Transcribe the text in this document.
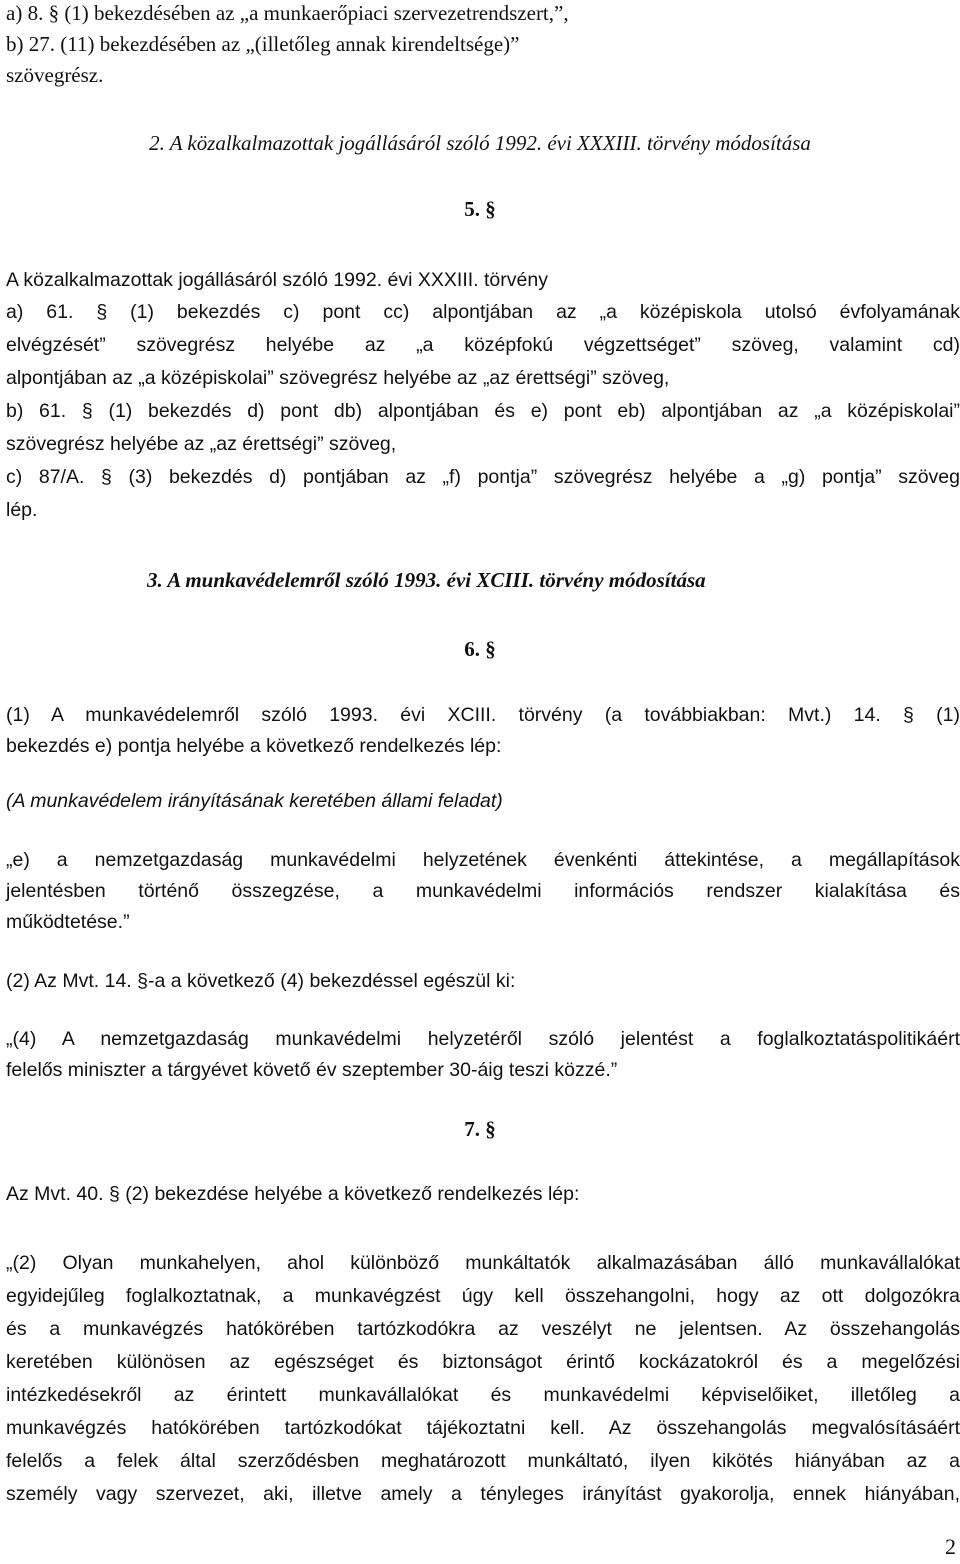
a) 8. § (1) bekezdésében az „a munkaerőpiaci szervezetrendszert,”,
b) 27. (11) bekezdésében az „(illetőleg annak kirendeltsége)”
szövegrész.

2. A közalkalmazottak jogállásáról szóló 1992. évi XXXIII. törvény módosítása

5. §

A közalkalmazottak jogállásáról szóló 1992. évi XXXIII. törvény
a) 61. § (1) bekezdés c) pont cc) alpontjában az „a középiskola utolsó évfolyamának
elvégzését” szövegrész helyébe az „a középfokú végzettséget” szöveg, valamint cd)
alpontjában az „a középiskolai” szövegrész helyébe az „az érettségi” szöveg,
b) 61. § (1) bekezdés d) pont db) alpontjában és e) pont eb) alpontjában az „a középiskolai”
szövegrész helyébe az „az érettségi” szöveg,
c) 87/A. § (3) bekezdés d) pontjában az „f) pontja” szövegrész helyébe a „g) pontja” szöveg
lép.

3. A munkavédelemről szóló 1993. évi XCIII. törvény módosítása

6. §

(1) A munkavédelemről szóló 1993. évi XCIII. törvény (a továbbiakban: Mvt.) 14. § (1)
bekezdés e) pontja helyébe a következő rendelkezés lép:
(A munkavédelem irányításának keretében állami feladat)
„e) a nemzetgazdaság munkavédelmi helyzetének évenkénti áttekintése, a megállapítások
jelentésben történő összegzése, a munkavédelmi információs rendszer kialakítása és
működtetése.”
(2) Az Mvt. 14. §-a a következő (4) bekezdéssel egészül ki:
„(4) A nemzetgazdaság munkavédelmi helyzetéről szóló jelentést a foglalkoztatáspolitikáért
felelős miniszter a tárgyévet követő év szeptember 30-áig teszi közzé.”

7. §

Az Mvt. 40. § (2) bekezdése helyébe a következő rendelkezés lép:
„(2) Olyan munkahelyen, ahol különböző munkáltatók alkalmazásában álló munkavállalókat
egyidejűleg foglalkoztatnak, a munkavégzést úgy kell összehangolni, hogy az ott dolgozókra
és a munkavégzés hatókörében tartózkodókra az veszélyt ne jelentsen. Az összehangolás
keretében különösen az egészséget és biztonságot érintő kockázatokról és a megelőzési
intézkedésekről az érintett munkavállalókat és munkavédelmi képviselőiket, illetőleg a
munkavégzés hatókörében tartózkodókat tájékoztatni kell. Az összehangolás megvalósításáért
felelős a felek által szerződésben meghatározott munkáltató, ilyen kikötés hiányában az a
személy vagy szervezet, aki, illetve amely a tényleges irányítást gyakorolja, ennek hiányában,
2
